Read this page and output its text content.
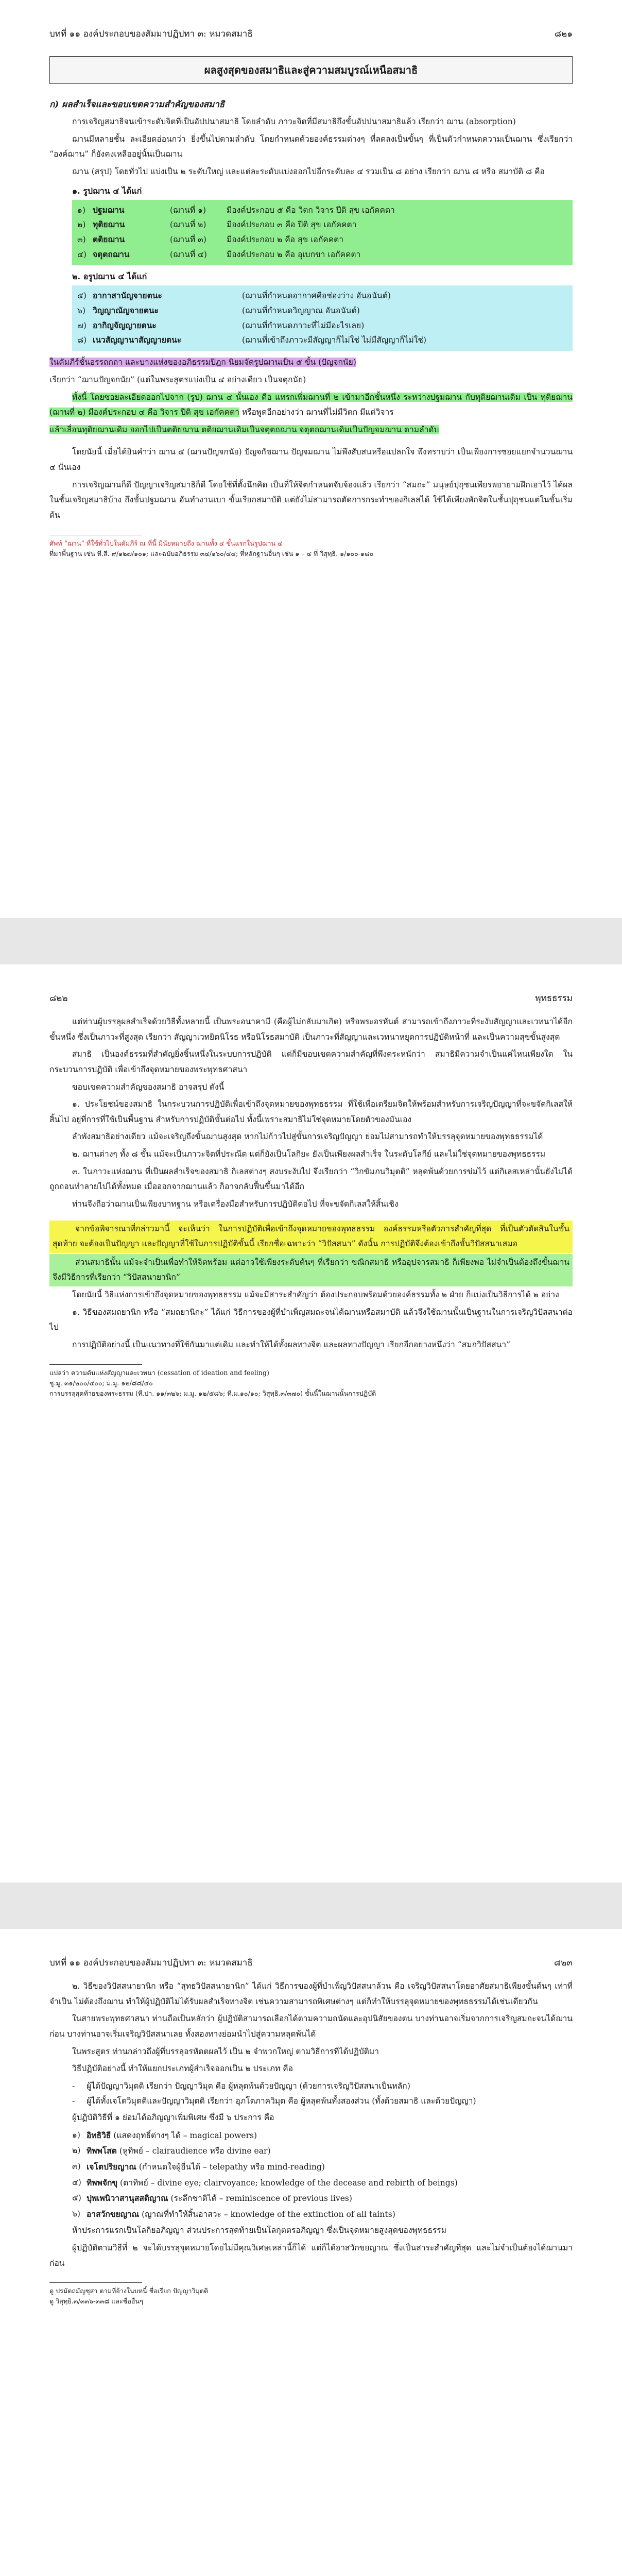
บทที่ ๑๑ องค์ประกอบของสัมมาปฏิปทา ๓: หมวดสมาธิ	๘๒๑
ผลสูงสุดของสมาธิและสู่ความสมบูรณ์เหนือสมาธิ
ก) ผลสำเร็จและขอบเขตความสำคัญของสมาธิ

การเจริญสมาธิจนเข้าระดับจิตที่เป็นอัปปนาสมาธิ โดยลำดับ ภาวะจิตที่มีสมาธิถึงขั้นอัปปนาสมาธิแล้ว เรียกว่า ฌาน (absorption)

ฌานมีหลายชั้น ละเอียดอ่อนกว่า ยิ่งขึ้นไปตามลำดับ โดยกำหนดด้วยองค์ธรรมต่างๆ ที่ลดลงเป็นขั้นๆ ที่เป็นตัวกำหนดความเป็นฌาน ซึ่งเรียกว่า “องค์ฌาน” ก็ยังคงเหลืออยู่นั้นเป็นฌาน

ฌาน (สรุป) โดยทั่วไป แบ่งเป็น ๒ ระดับใหญ่ และแต่ละระดับแบ่งออกไปอีกระดับละ ๔ รวมเป็น ๘ อย่าง เรียกว่า ฌาน ๘ หรือ สมาบัติ ๘ คือ

๑. รูปฌาน ๔ ได้แก่
๑) ปฐมฌาน	(ฌานที่ ๑)	มีองค์ประกอบ ๕ คือ วิตก วิจาร ปีติ สุข เอกัคคตา
๒) ทุติยฌาน	(ฌานที่ ๒)	มีองค์ประกอบ ๓ คือ ปีติ สุข เอกัคคตา
๓) ตติยฌาน	(ฌานที่ ๓)	มีองค์ประกอบ ๒ คือ สุข เอกัคคตา
๔) จตุตถฌาน	(ฌานที่ ๔)	มีองค์ประกอบ ๒ คือ อุเบกขา เอกัคคตา
๒. อรูปฌาน ๔ ได้แก่
๕) อากาสานัญจายตนะ	(ฌานที่กำหนดอากาศคือช่องว่าง อันอนันต์)
๖) วิญญาณัญจายตนะ	(ฌานที่กำหนดวิญญาณ อันอนันต์)
๗) อากิญจัญญายตนะ	(ฌานที่กำหนดภาวะที่ไม่มีอะไรเลย)
๘) เนวสัญญานาสัญญายตนะ	(ฌานที่เข้าถึงภาวะมีสัญญาก็ไม่ใช่ ไม่มีสัญญาก็ไม่ใช่)

ในคัมภีร์ชั้นอรรถกถา และบางแห่งของอภิธรรมปิฎก นิยมจัดรูปฌานเป็น ๕ ขั้น (ปัญจกนัย)

เรียกว่า “ฌานปัญจกนัย” (แต่ในพระสูตรแบ่งเป็น ๔ อย่างเดียว เป็นจตุกนัย)

ทั้งนี้ โดยซอยละเอียดออกไปจาก (รูป) ฌาน ๔ นั้นเอง คือ แทรกเพิ่มฌานที่ ๒ เข้ามาอีกชั้นหนึ่ง ระหว่างปฐมฌาน กับทุติยฌานเดิม เป็น ทุติยฌาน (ฌานที่ ๒) มีองค์ประกอบ ๔ คือ วิจาร ปีติ สุข เอกัคคตา หรือพูดอีกอย่างว่า ฌานที่ไม่มีวิตก มีแต่วิจาร

แล้วเลื่อนทุติยฌานเดิม ออกไปเป็นตติยฌาน ตติยฌานเดิมเป็นจตุตถฌาน จตุตถฌานเดิมเป็นปัญจมฌาน ตามลำดับ

โดยนัยนี้ เมื่อได้ยินคำว่า ฌาน ๕ (ฌานปัญจกนัย) ปัญจกัชฌาน ปัญจมฌาน ไม่พึงสับสนหรือแปลกใจ พึงทราบว่า เป็นเพียงการซอยแยกจำนวนฌาน ๔ นั่นเอง

การเจริญฌานก็ดี ปัญญาเจริญสมาธิก็ดี โดยใช้ที่ตั้งนึกคิด เป็นที่ให้จิตกำหนดจับจ้องแล้ว เรียกว่า “สมถะ” มนุษย์ปุถุชนเพียรพยายามฝึกเอาไว้ ได้ผลในชั้นเจริญสมาธิบ้าง ถึงขั้นปฐมฌาน อันทำงานเบา ขั้นเรียกสมาบัติ แต่ยังไม่สามารถตัดการกระทำของกิเลสได้ ใช้ได้เพียงพักจิตในชั้นปุถุชนแต่ในขั้นเริ่มต้น

ศัพท์ “ฌาน” ที่ใช้ทั่วไปในคัมภีร์ ณ ที่นี้ มีนัยหมายถึง ฌานทั้ง ๔ ขั้นแรกในรูปฌาน ๔

ที่มาพื้นฐาน เช่น ที.สี. ๙/๑๒๗/๑๐๑; และฉบับอภิธรรม ๓๔/๑๖๐/๔๔; ที่หลักฐานอื่นๆ เช่น ๑ – ๔ ที่ วิสุทฺธิ. ๑/๑๐๐-๑๘๐

๘๒๒	พุทธธรรม

แต่ท่านผู้บรรลุผลสำเร็จด้วยวิธีทั้งหลายนี้ เป็นพระอนาคามี (คือผู้ไม่กลับมาเกิด) หรือพระอรหันต์ สามารถเข้าถึงภาวะที่ระงับสัญญาและเวทนาได้อีกขั้นหนึ่ง ซึ่งเป็นภาวะที่สูงสุด เรียกว่า สัญญาเวทยิตนิโรธ หรือนิโรธสมาบัติ เป็นภาวะที่สัญญาและเวทนาหยุดการปฏิบัติหน้าที่ และเป็นความสุขขั้นสูงสุด

สมาธิ เป็นองค์ธรรมที่สำคัญยิ่งชิ้นหนึ่งในระบบการปฏิบัติ แต่ก็มีขอบเขตความสำคัญที่พึงตระหนักว่า สมาธิมีความจำเป็นแค่ไหนเพียงใด ในกระบวนการปฏิบัติ เพื่อเข้าถึงจุดหมายของพระพุทธศาสนา

ขอบเขตความสำคัญของสมาธิ อาจสรุป ดังนี้

๑. ประโยชน์ของสมาธิ ในกระบวนการปฏิบัติเพื่อเข้าถึงจุดหมายของพุทธธรรม ที่ใช้เพื่อเตรียมจิตให้พร้อมสำหรับการเจริญปัญญาที่จะขจัดกิเลสให้สิ้นไป อยู่ที่การที่ใช้เป็นพื้นฐาน สำหรับการปฏิบัติขั้นต่อไป ทั้งนี้เพราะสมาธิไม่ใช่จุดหมายโดยตัวของมันเอง

ลำพังสมาธิอย่างเดียว แม้จะเจริญถึงขั้นฌานสูงสุด หากไม่ก้าวไปสู่ขั้นการเจริญปัญญา ย่อมไม่สามารถทำให้บรรลุจุดหมายของพุทธธรรมได้

๒. ฌานต่างๆ ทั้ง ๘ ขั้น แม้จะเป็นภาวะจิตที่ประณีต แต่ก็ยังเป็นโลกิยะ ยังเป็นเพียงผลสำเร็จ ในระดับโลกีย์ และไม่ใช่จุดหมายของพุทธธรรม

๓. ในภาวะแห่งฌาน ที่เป็นผลสำเร็จของสมาธิ กิเลสต่างๆ สงบระงับไป จึงเรียกว่า “วิกขัมภนวิมุตติ” หลุดพ้นด้วยการข่มไว้ แต่กิเลสเหล่านั้นยังไม่ได้ถูกถอนทำลายไปได้ทั้งหมด เมื่อออกจากฌานแล้ว ก็อาจกลับฟื้นขึ้นมาได้อีก

ท่านจึงถือว่าฌานเป็นเพียงบาทฐาน หรือเครื่องมือสำหรับการปฏิบัติต่อไป ที่จะขจัดกิเลสให้สิ้นเชิง

จากข้อพิจารณาที่กล่าวมานี้ จะเห็นว่า ในการปฏิบัติเพื่อเข้าถึงจุดหมายของพุทธธรรม องค์ธรรมหรือตัวการสำคัญที่สุด ที่เป็นตัวตัดสินในขั้นสุดท้าย จะต้องเป็นปัญญา และปัญญาที่ใช้ในการปฏิบัติขั้นนี้ เรียกชื่อเฉพาะว่า “วิปัสสนา” ดังนั้น การปฏิบัติจึงต้องเข้าถึงขั้นวิปัสสนาเสมอ

ส่วนสมาธินั้น แม้จะจำเป็นเพื่อทำให้จิตพร้อม แต่อาจใช้เพียงระดับต้นๆ ที่เรียกว่า ขณิกสมาธิ หรืออุปจารสมาธิ ก็เพียงพอ ไม่จำเป็นต้องถึงขั้นฌาน จึงมีวิธีการที่เรียกว่า “วิปัสสนายานิก”

โดยนัยนี้ วิธีแห่งการเข้าถึงจุดหมายของพุทธธรรม แม้จะมีสาระสำคัญว่า ต้องประกอบพร้อมด้วยองค์ธรรมทั้ง ๒ ฝ่าย ก็แบ่งเป็นวิธีการได้ ๒ อย่าง

๑. วิธีของสมถยานิก หรือ “สมถยานิกะ” ได้แก่ วิธีการของผู้ที่บำเพ็ญสมถะจนได้ฌานหรือสมาบัติ แล้วจึงใช้ฌานนั้นเป็นฐานในการเจริญวิปัสสนาต่อไป

การปฏิบัติอย่างนี้ เป็นแนวทางที่ใช้กันมาแต่เดิม และทำให้ได้ทั้งผลทางจิต และผลทางปัญญา เรียกอีกอย่างหนึ่งว่า “สมถวิปัสสนา”

แปลว่า ความดับแห่งสัญญาและเวทนา (cessation of ideation and feeling)

ชู.มู. ๓๑/๒๐๐/๔๐๐; ม.มู. ๑๒/๘๘/๕๐

การบรรลุสุดท้ายของพระธรรม (ที.ปา. ๑๑/๓๒๖; ม.มู. ๑๒/๕๘๖; ที.ม.๑๐/๑๐; วิสุทฺธิ.๓/๓๗๐) ชั้นนี้ในฌานนั้นการปฏิบัติ

บทที่ ๑๑ องค์ประกอบของสัมมาปฏิปทา ๓: หมวดสมาธิ	๘๒๓

๒. วิธีของวิปัสสนายานิก หรือ “สุทธวิปัสสนายานิก” ได้แก่ วิธีการของผู้ที่บำเพ็ญวิปัสสนาล้วน คือ เจริญวิปัสสนาโดยอาศัยสมาธิเพียงขั้นต้นๆ เท่าที่จำเป็น ไม่ต้องถึงฌาน ทำให้ผู้ปฏิบัติไม่ได้รับผลสำเร็จทางจิต เช่นความสามารถพิเศษต่างๆ แต่ก็ทำให้บรรลุจุดหมายของพุทธธรรมได้เช่นเดียวกัน

ในสายพระพุทธศาสนา ท่านถือเป็นหลักว่า ผู้ปฏิบัติสามารถเลือกได้ตามความถนัดและอุปนิสัยของตน บางท่านอาจเริ่มจากการเจริญสมถะจนได้ฌานก่อน บางท่านอาจเริ่มเจริญวิปัสสนาเลย ทั้งสองทางย่อมนำไปสู่ความหลุดพ้นได้

ในพระสูตร ท่านกล่าวถึงผู้ที่บรรลุอรหัตตผลไว้ เป็น ๒ จำพวกใหญ่ ตามวิธีการที่ได้ปฏิบัติมา

วิธีปฏิบัติอย่างนี้ ทำให้แยกประเภทผู้สำเร็จออกเป็น ๒ ประเภท คือ

-	ผู้ได้ปัญญาวิมุตติ เรียกว่า ปัญญาวิมุต คือ ผู้หลุดพ้นด้วยปัญญา (ด้วยการเจริญวิปัสสนาเป็นหลัก)
-	ผู้ได้ทั้งเจโตวิมุตติและปัญญาวิมุตติ เรียกว่า อุภโตภาควิมุต คือ ผู้หลุดพ้นทั้งสองส่วน (ทั้งด้วยสมาธิ และด้วยปัญญา)

ผู้ปฏิบัติวิธีที่ ๑ ย่อมได้อภิญญาเพิ่มพิเศษ ซึ่งมี ๖ ประการ คือ

๑) อิทธิวิธี (แสดงฤทธิ์ต่างๆ ได้ – magical powers)
๒) ทิพพโสต (หูทิพย์ – clairaudience หรือ divine ear)
๓) เจโตปริยญาณ (กำหนดใจผู้อื่นได้ – telepathy หรือ mind-reading)
๔) ทิพพจักขุ (ตาทิพย์ – divine eye; clairvoyance; knowledge of the decease and rebirth of beings)
๕) ปุพเพนิวาสานุสสติญาณ (ระลึกชาติได้ – reminiscence of previous lives)
๖) อาสวักขยญาณ (ญาณที่ทำให้สิ้นอาสวะ – knowledge of the extinction of all taints)

ห้าประการแรกเป็นโลกิยอภิญญา ส่วนประการสุดท้ายเป็นโลกุตตรอภิญญา ซึ่งเป็นจุดหมายสูงสุดของพุทธธรรม

ผู้ปฏิบัติตามวิธีที่ ๒ จะได้บรรลุจุดหมายโดยไม่มีคุณวิเศษเหล่านี้ก็ได้ แต่ก็ได้อาสวักขยญาณ ซึ่งเป็นสาระสำคัญที่สุด และไม่จำเป็นต้องได้ฌานมาก่อน

ดู ปรมัตถมัญชุสา ตามที่อ้างในบทนี้ ชื่อเรียก ปัญญาวิมุตติ

ดู วิสุทฺธิ.๓/๓๓๖-๓๓๘ และชื่ออื่นๆ
